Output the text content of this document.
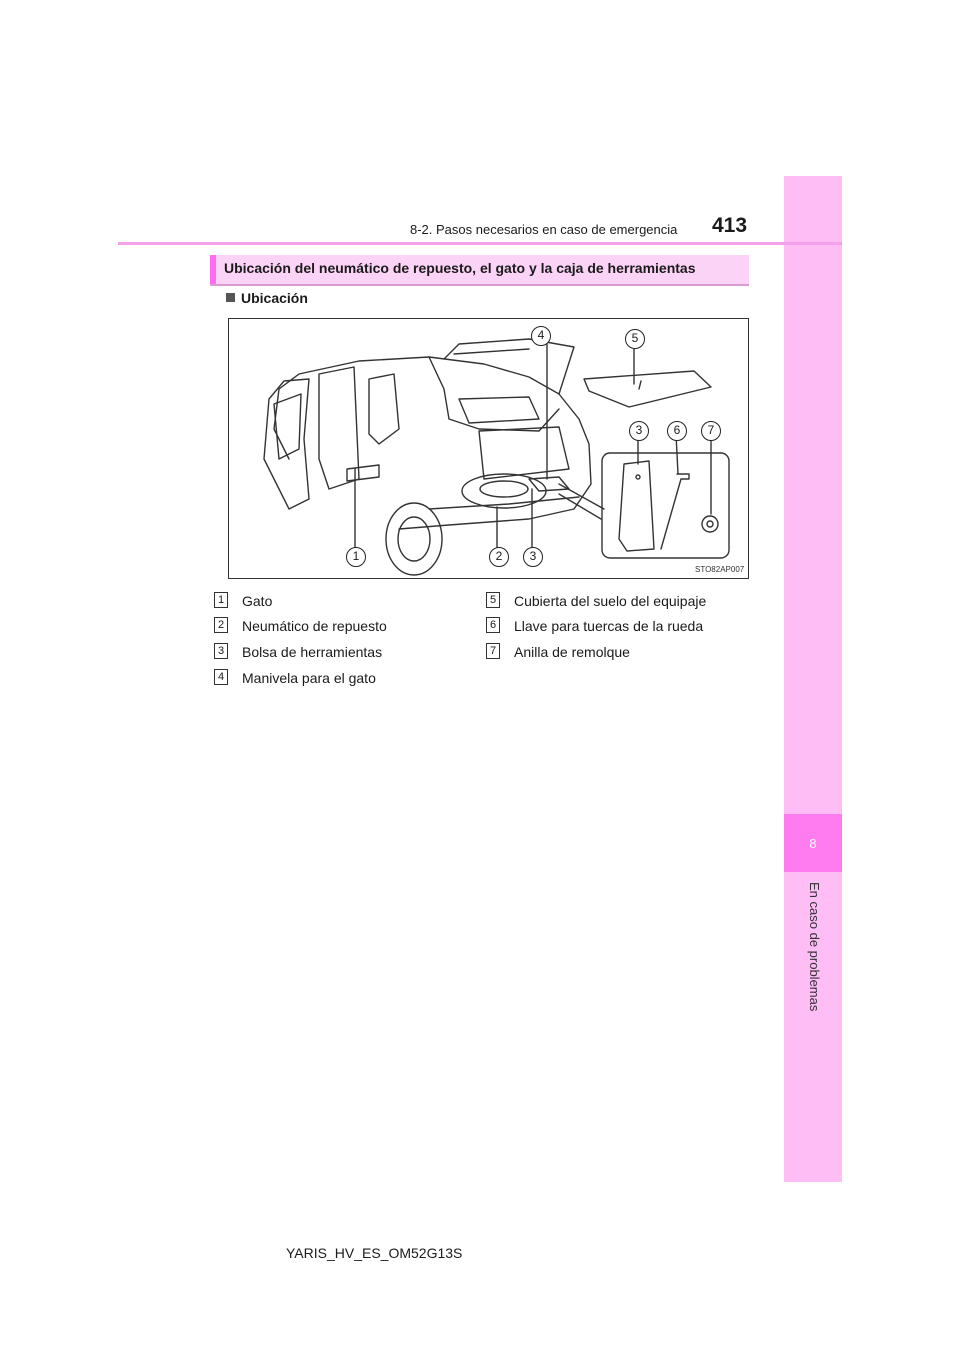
8
En caso de problemas
8-2. Pasos necesarios en caso de emergencia 413
Ubicación del neumático de repuesto, el gato y la caja de herramientas
Ubicación
4	5
3	6	7
1	2	3
STO82AP007
1 Gato
2 Neumático de repuesto
3 Bolsa de herramientas
4 Manivela para el gato
5 Cubierta del suelo del equipaje
6 Llave para tuercas de la rueda
7 Anilla de remolque
YARIS_HV_ES_OM52G13S
